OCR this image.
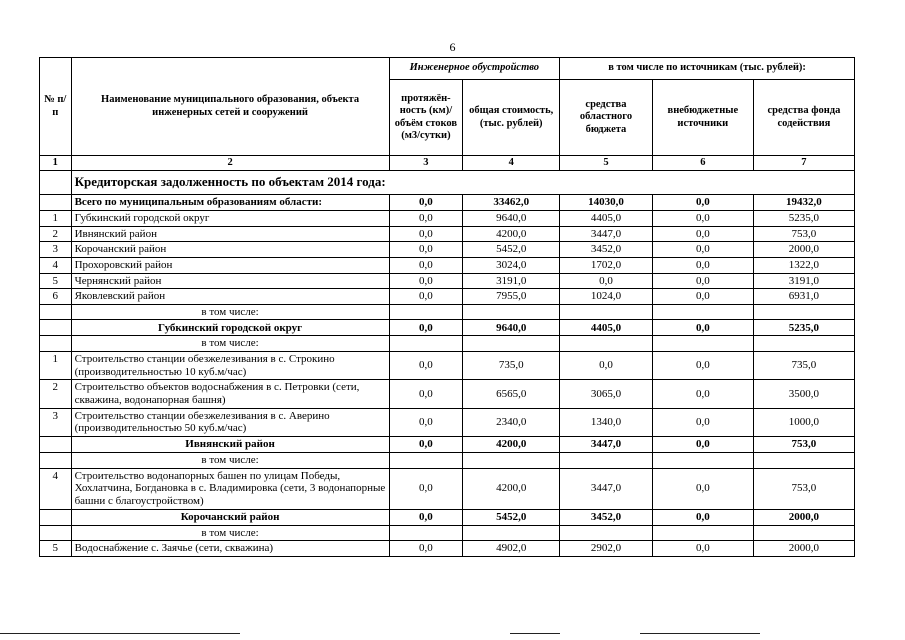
6
№ п/п	Наименование муниципального образования, объекта инженерных сетей и сооружений	Инженерное обустройство		в том числе по источникам (тыс. рублей):		
		протяжён-ность (км)/объём стоков (м3/сутки)	общая стоимость, (тыс. рублей)	средства областного бюджета	внебюджетные источники	средства фонда содействия
1	2	3	4	5	6	7
	Кредиторская задолженность по объектам 2014 года:					
	Всего по муниципальным образованиям области:	0,0	33462,0	14030,0	0,0	19432,0
1	Губкинский городской округ	0,0	9640,0	4405,0	0,0	5235,0
2	Ивнянский район	0,0	4200,0	3447,0	0,0	753,0
3	Корочанский район	0,0	5452,0	3452,0	0,0	2000,0
4	Прохоровский район	0,0	3024,0	1702,0	0,0	1322,0
5	Чернянский район	0,0	3191,0	0,0	0,0	3191,0
6	Яковлевский район	0,0	7955,0	1024,0	0,0	6931,0
	в том числе:					
	Губкинский городской округ	0,0	9640,0	4405,0	0,0	5235,0
	в том числе:					
1	Строительство станции обезжелезивания в с. Строкино (производительностью 10 куб.м/час)	0,0	735,0	0,0	0,0	735,0
2	Строительство объектов водоснабжения в с. Петровки (сети, скважина, водонапорная башня)	0,0	6565,0	3065,0	0,0	3500,0
3	Строительство станции обезжелезивания в с. Аверино (производительностью 50 куб.м/час)	0,0	2340,0	1340,0	0,0	1000,0
	Ивнянский район	0,0	4200,0	3447,0	0,0	753,0
	в том числе:					
4	Строительство водонапорных башен по улицам Победы, Хохлатчина, Богдановка в с. Владимировка (сети, 3 водонапорные башни с благоустройством)	0,0	4200,0	3447,0	0,0	753,0
	Корочанский район	0,0	5452,0	3452,0	0,0	2000,0
	в том числе:					
5	Водоснабжение с. Заячье (сети, скважина)	0,0	4902,0	2902,0	0,0	2000,0
